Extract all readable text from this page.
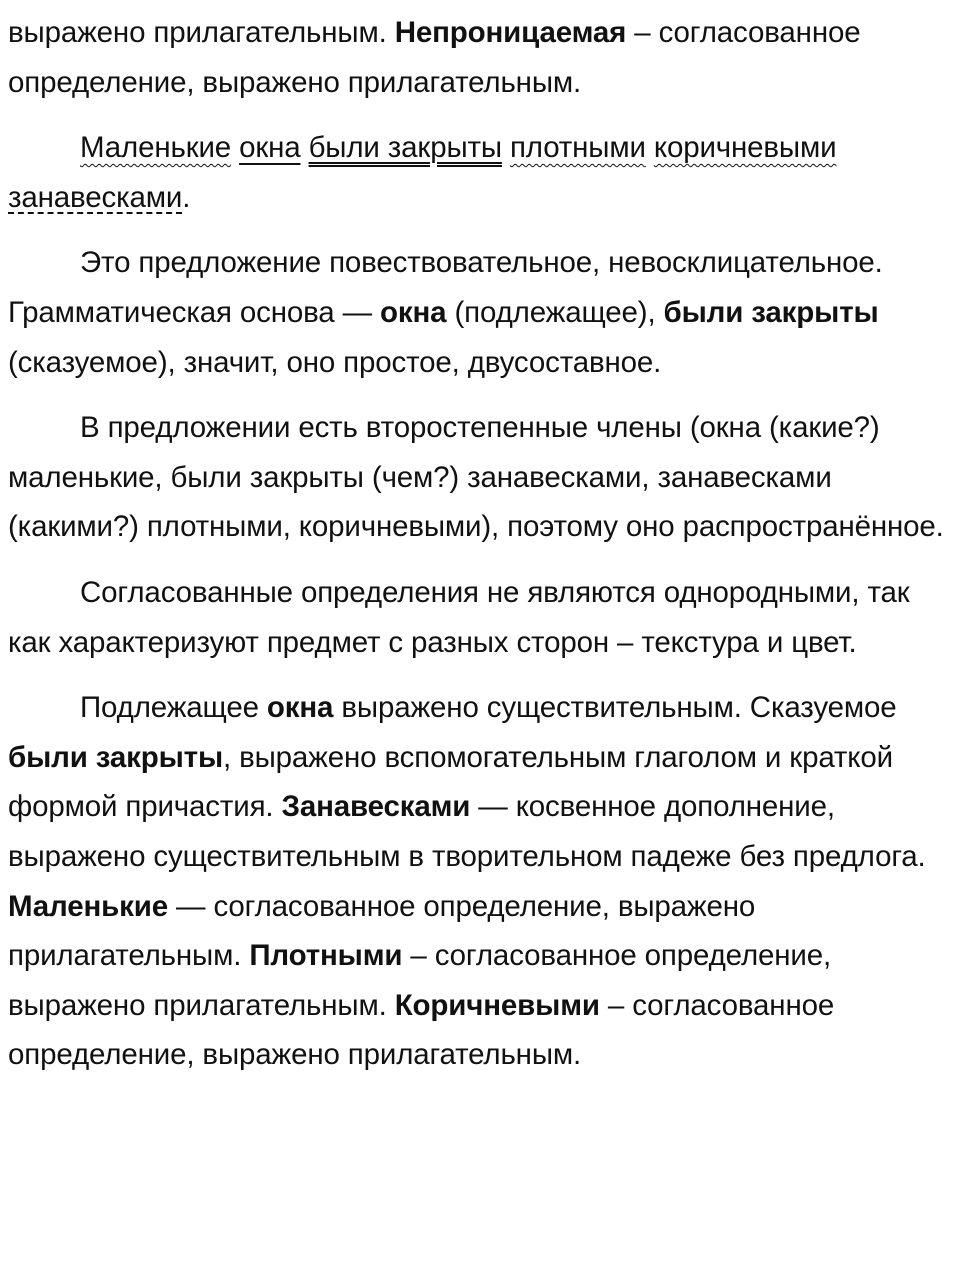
выражено прилагательным. Непроницаемая – согласованное определение, выражено прилагательным.

Маленькие окна были закрыты плотными коричневыми занавесками.

Это предложение повествовательное, невосклицательное. Грамматическая основа — окна (подлежащее), были закрыты (сказуемое), значит, оно простое, двусоставное.

В предложении есть второстепенные члены (окна (какие?) маленькие, были закрыты (чем?) занавесками, занавесками (какими?) плотными, коричневыми), поэтому оно распространённое.

Согласованные определения не являются однородными, так как характеризуют предмет с разных сторон – текстура и цвет.

Подлежащее окна выражено существительным. Сказуемое были закрыты, выражено вспомогательным глаголом и краткой формой причастия. Занавесками — косвенное дополнение, выражено существительным в творительном падеже без предлога. Маленькие — согласованное определение, выражено прилагательным. Плотными – согласованное определение, выражено прилагательным. Коричневыми – согласованное определение, выражено прилагательным.
